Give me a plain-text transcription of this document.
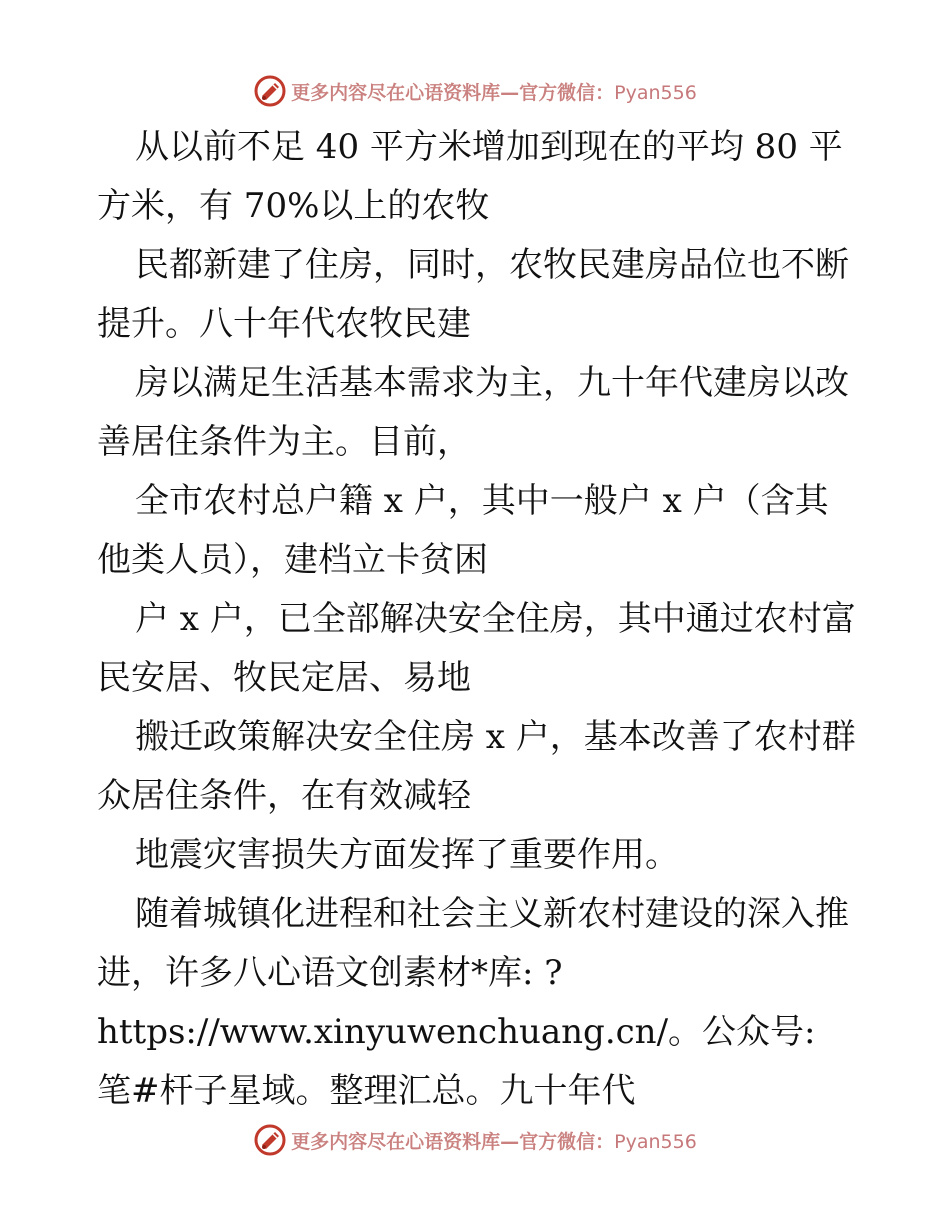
更多内容尽在心语资料库—官方微信：Pyan556

从以前不足 40 平方米增加到现在的平均 80 平方米，有 70%以上的农牧

民都新建了住房，同时，农牧民建房品位也不断提升。八十年代农牧民建

房以满足生活基本需求为主，九十年代建房以改善居住条件为主。目前，

全市农村总户籍 x 户，其中一般户 x 户（含其他类人员），建档立卡贫困

户 x 户，已全部解决安全住房，其中通过农村富民安居、牧民定居、易地

搬迁政策解决安全住房 x 户，基本改善了农村群众居住条件，在有效减轻

地震灾害损失方面发挥了重要作用。

随着城镇化进程和社会主义新农村建设的深入推进，许多八心语文创素材*库: ?https://www.xinyuwenchuang.cn/。公众号: 笔#杆子星域。整理汇总。九十年代

更多内容尽在心语资料库—官方微信：Pyan556
